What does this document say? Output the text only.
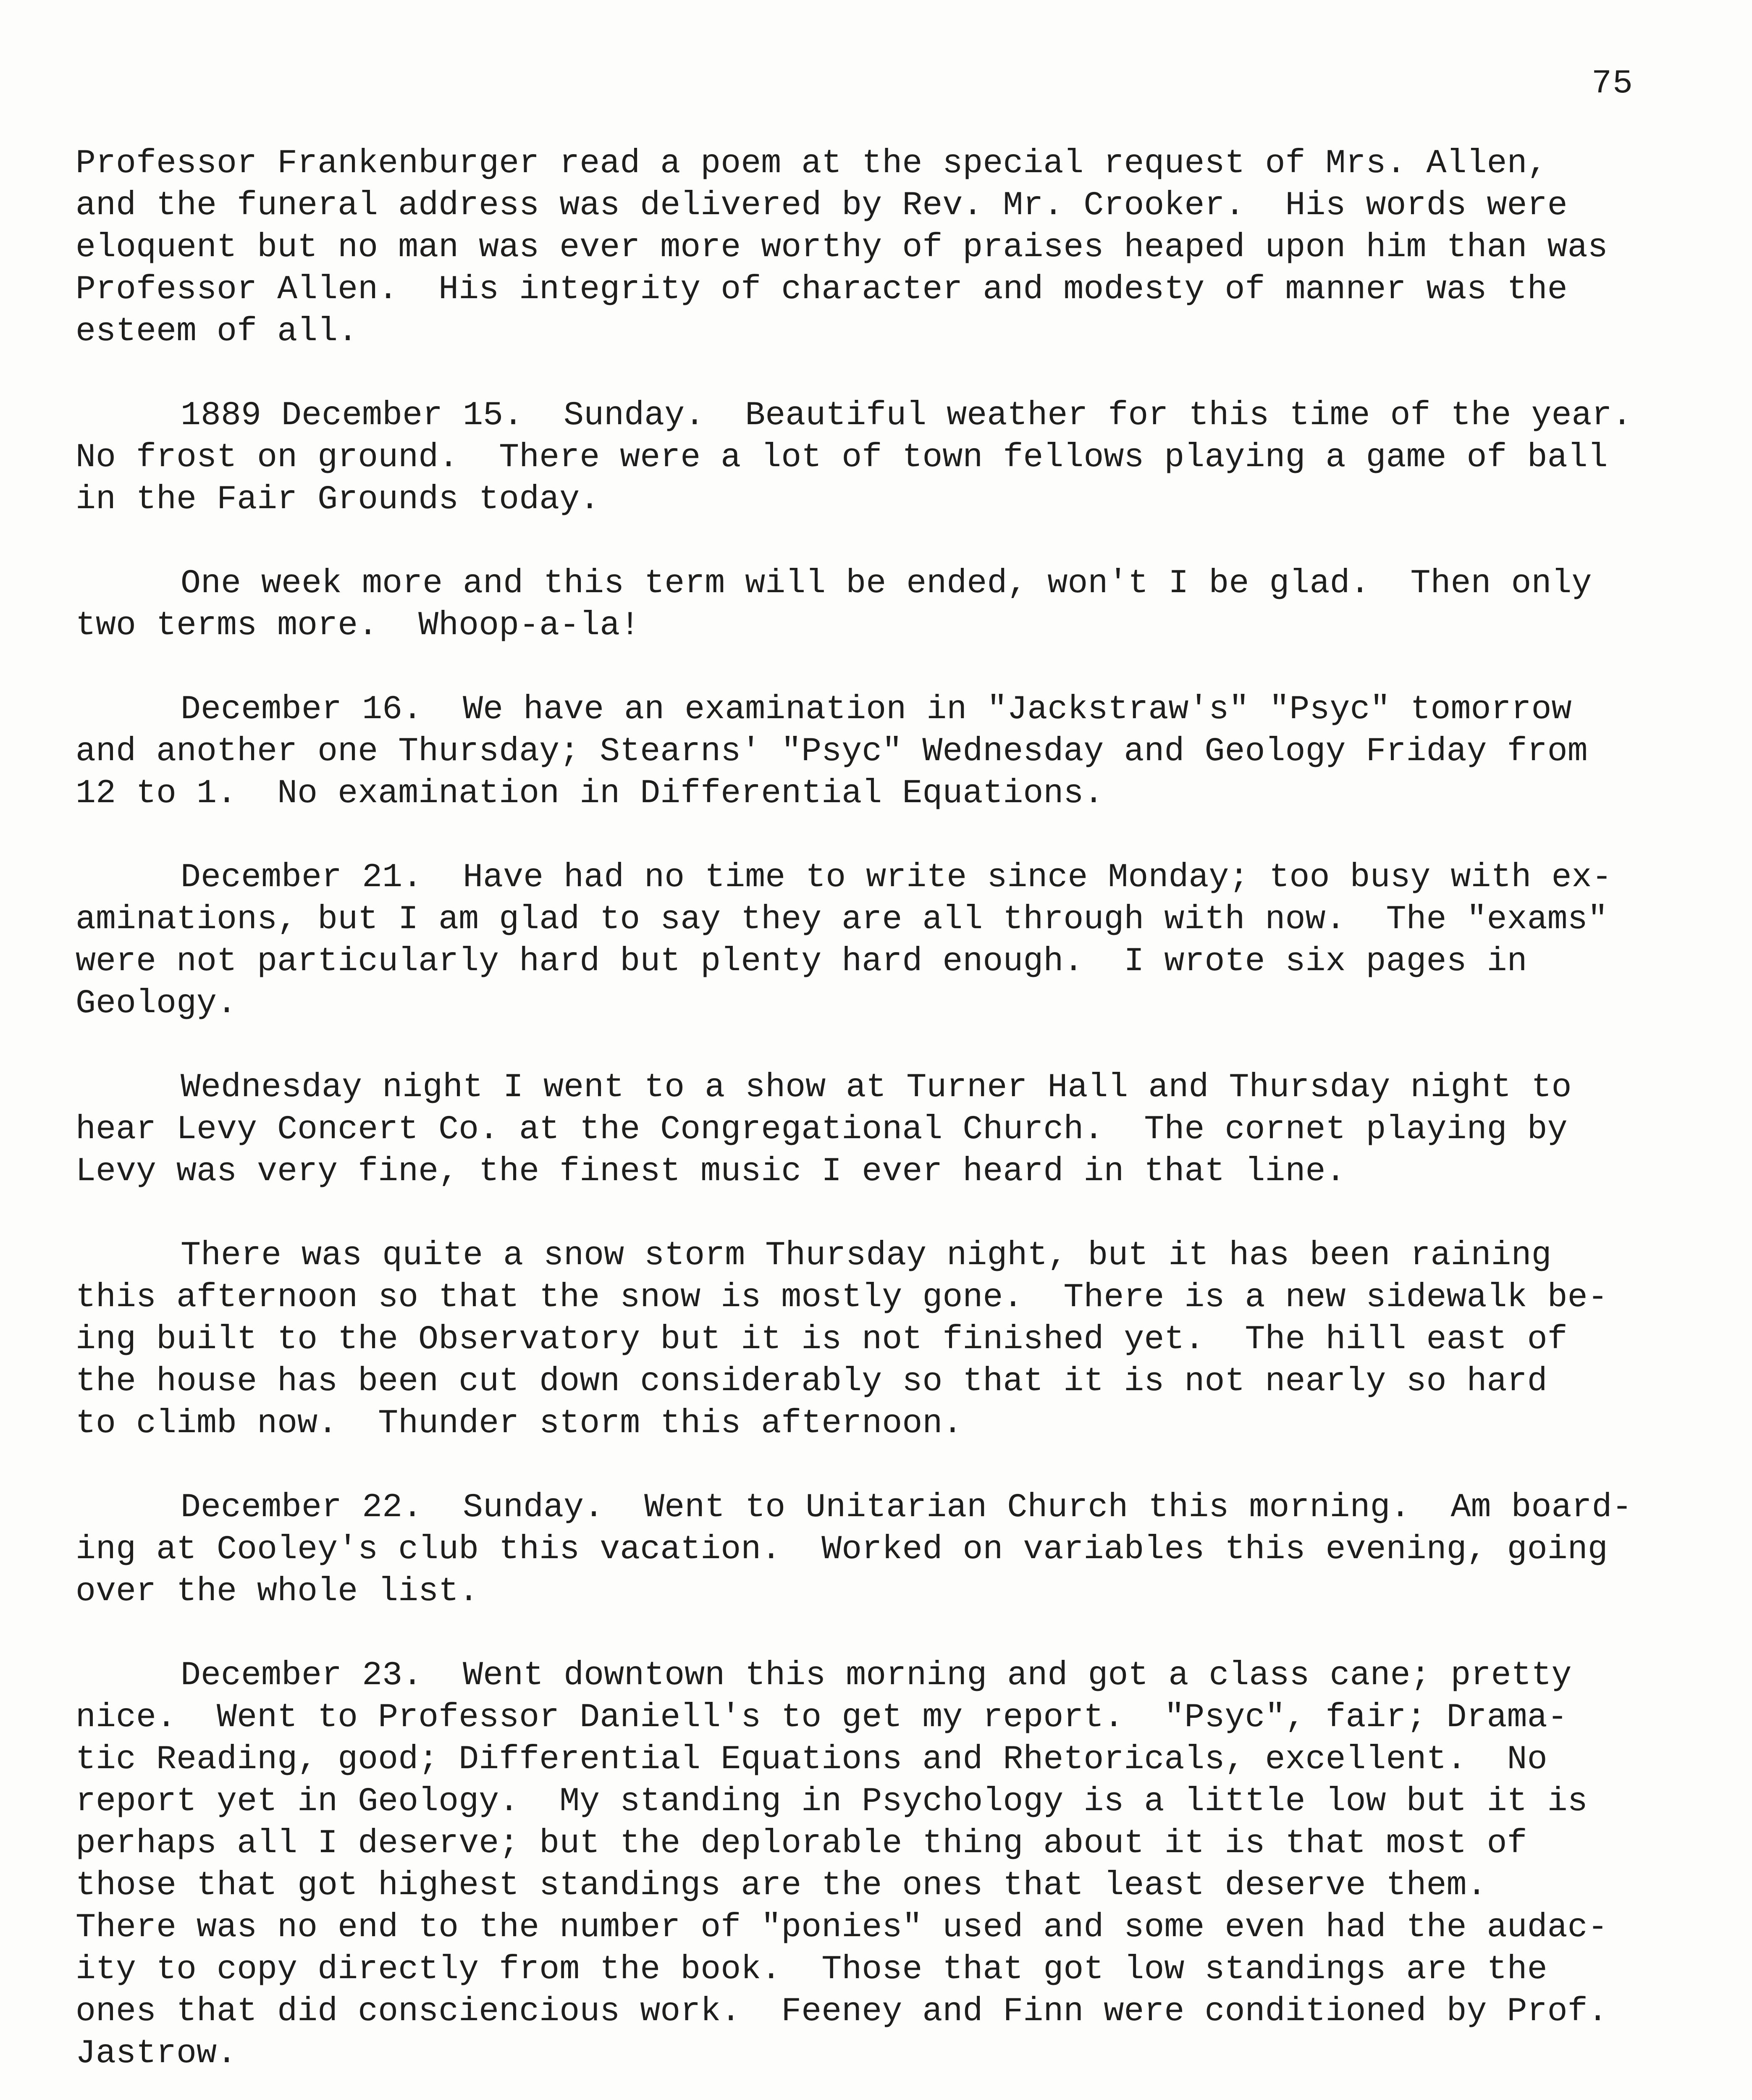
75
Professor Frankenburger read a poem at the special request of Mrs. Allen,
and the funeral address was delivered by Rev. Mr. Crooker.  His words were
eloquent but no man was ever more worthy of praises heaped upon him than was
Professor Allen.  His integrity of character and modesty of manner was the
esteem of all.
1889 December 15.  Sunday.  Beautiful weather for this time of the year.
No frost on ground.  There were a lot of town fellows playing a game of ball
in the Fair Grounds today.
One week more and this term will be ended, won't I be glad.  Then only
two terms more.  Whoop-a-la!
December 16.  We have an examination in "Jackstraw's" "Psyc" tomorrow
and another one Thursday; Stearns' "Psyc" Wednesday and Geology Friday from
12 to 1.  No examination in Differential Equations.
December 21.  Have had no time to write since Monday; too busy with ex-
aminations, but I am glad to say they are all through with now.  The "exams"
were not particularly hard but plenty hard enough.  I wrote six pages in
Geology.
Wednesday night I went to a show at Turner Hall and Thursday night to
hear Levy Concert Co. at the Congregational Church.  The cornet playing by
Levy was very fine, the finest music I ever heard in that line.
There was quite a snow storm Thursday night, but it has been raining
this afternoon so that the snow is mostly gone.  There is a new sidewalk be-
ing built to the Observatory but it is not finished yet.  The hill east of
the house has been cut down considerably so that it is not nearly so hard
to climb now.  Thunder storm this afternoon.
December 22.  Sunday.  Went to Unitarian Church this morning.  Am board-
ing at Cooley's club this vacation.  Worked on variables this evening, going
over the whole list.
December 23.  Went downtown this morning and got a class cane; pretty
nice.  Went to Professor Daniell's to get my report.  "Psyc", fair; Drama-
tic Reading, good; Differential Equations and Rhetoricals, excellent.  No
report yet in Geology.  My standing in Psychology is a little low but it is
perhaps all I deserve; but the deplorable thing about it is that most of
those that got highest standings are the ones that least deserve them.
There was no end to the number of "ponies" used and some even had the audac-
ity to copy directly from the book.  Those that got low standings are the
ones that did consciencious work.  Feeney and Finn were conditioned by Prof.
Jastrow.
